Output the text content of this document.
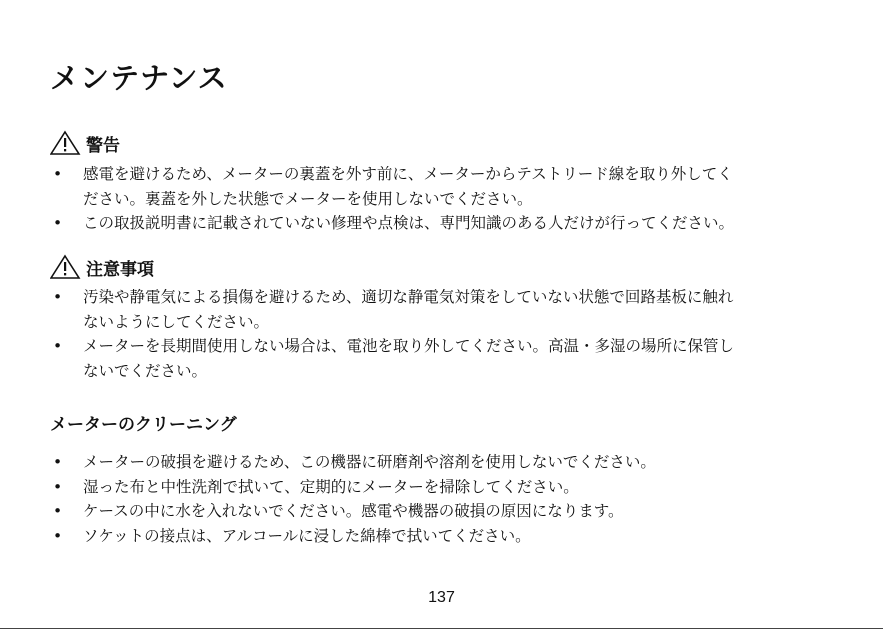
メンテナンス
警告
•	感電を避けるため、メーターの裏蓋を外す前に、メーターからテストリード線を取り外してく
ださい。裏蓋を外した状態でメーターを使用しないでください。
•	この取扱説明書に記載されていない修理や点検は、専門知識のある人だけが行ってください。
注意事項
•	汚染や静電気による損傷を避けるため、適切な静電気対策をしていない状態で回路基板に触れ
ないようにしてください。
•	メーターを長期間使用しない場合は、電池を取り外してください。高温・多湿の場所に保管し
ないでください。
メーターのクリーニング
•	メーターの破損を避けるため、この機器に研磨剤や溶剤を使用しないでください。
•	湿った布と中性洗剤で拭いて、定期的にメーターを掃除してください。
•	ケースの中に水を入れないでください。感電や機器の破損の原因になります。
•	ソケットの接点は、アルコールに浸した綿棒で拭いてください。
137
